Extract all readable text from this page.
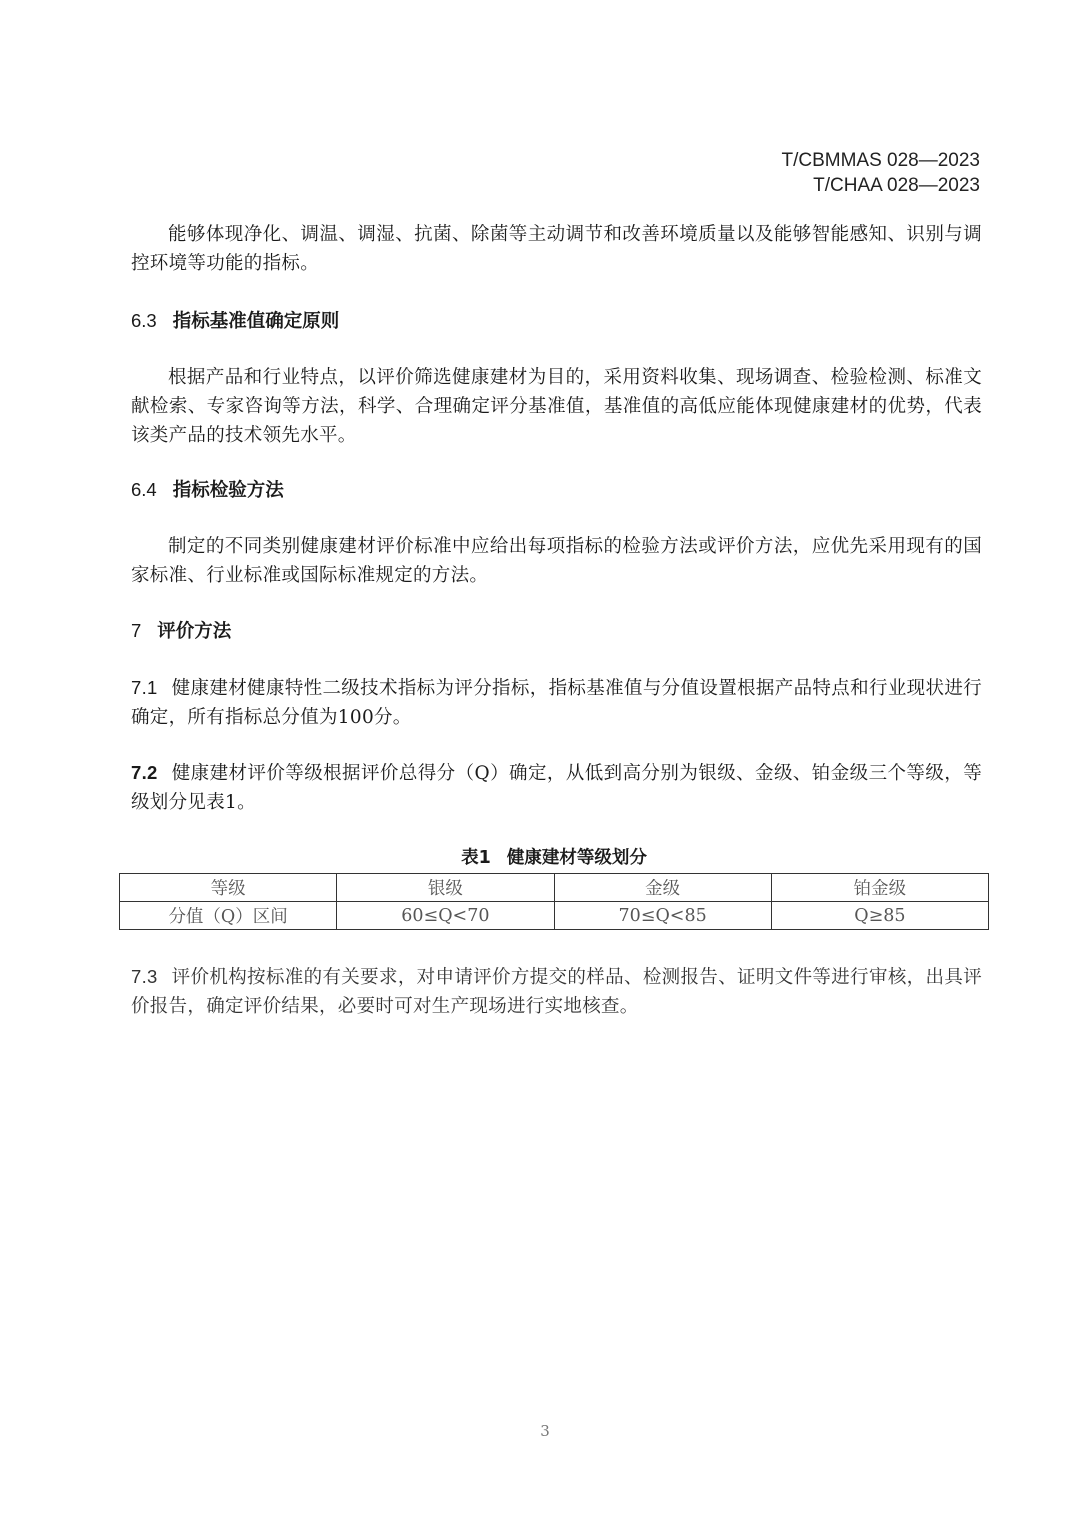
T/CBMMAS 028—2023
T/CHAA 028—2023

能够体现净化、调温、调湿、抗菌、除菌等主动调节和改善环境质量以及能够智能感知、识别与调控环境等功能的指标。

6.3 指标基准值确定原则

根据产品和行业特点，以评价筛选健康建材为目的，采用资料收集、现场调查、检验检测、标准文献检索、专家咨询等方法，科学、合理确定评分基准值，基准值的高低应能体现健康建材的优势，代表该类产品的技术领先水平。

6.4 指标检验方法

制定的不同类别健康建材评价标准中应给出每项指标的检验方法或评价方法，应优先采用现有的国家标准、行业标准或国际标准规定的方法。

7 评价方法

7.1 健康建材健康特性二级技术指标为评分指标，指标基准值与分值设置根据产品特点和行业现状进行确定，所有指标总分值为100分。

7.2 健康建材评价等级根据评价总得分（Q）确定，从低到高分别为银级、金级、铂金级三个等级，等级划分见表1。

表1 健康建材等级划分
等级	银级	金级	铂金级
分值（Q）区间	60≤Q<70	70≤Q<85	Q≥85

7.3 评价机构按标准的有关要求，对申请评价方提交的样品、检测报告、证明文件等进行审核，出具评价报告，确定评价结果，必要时可对生产现场进行实地核查。

3
